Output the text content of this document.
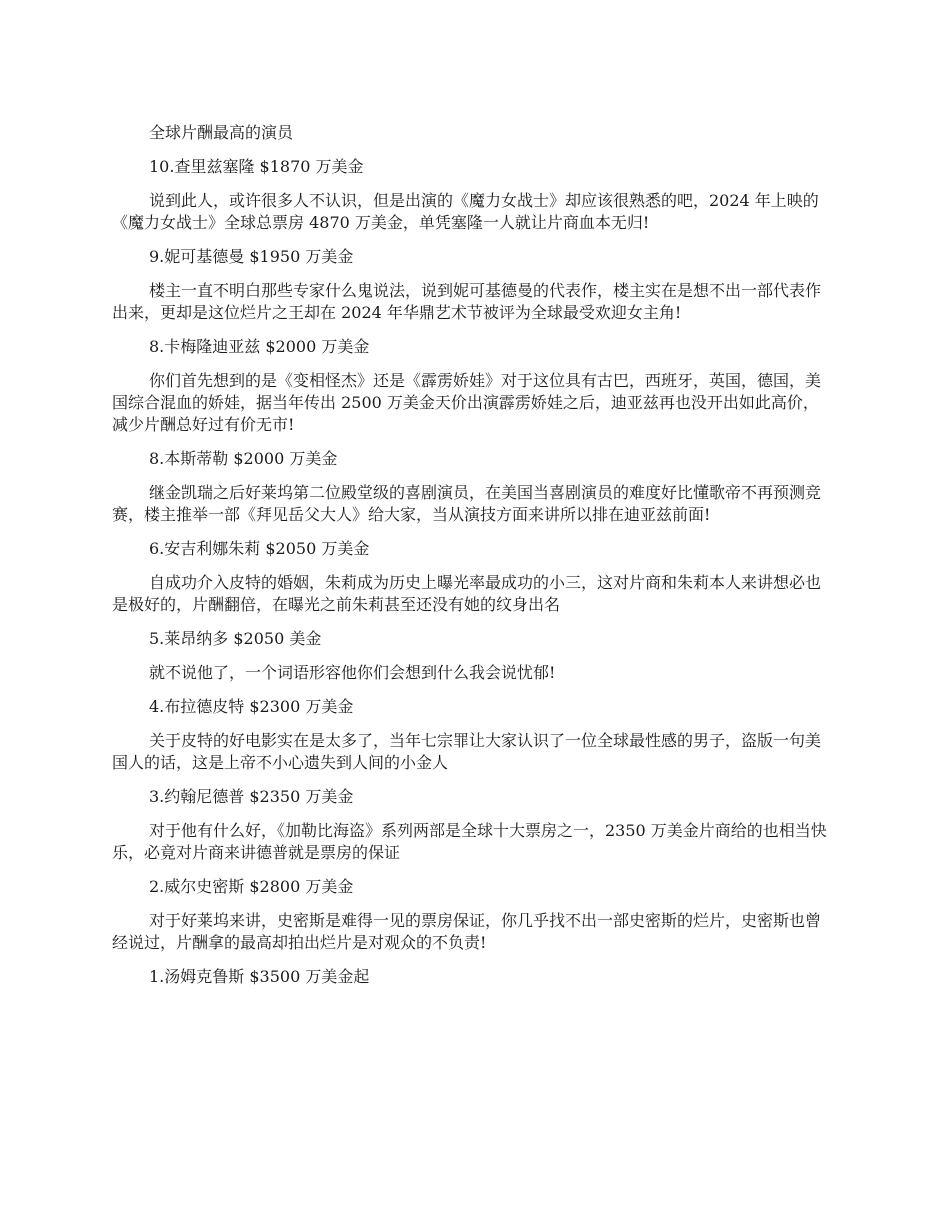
全球片酬最高的演员

10.查里兹塞隆 $1870 万美金

说到此人，或许很多人不认识，但是出演的《魔力女战士》却应该很熟悉的吧，2024 年上映的《魔力女战士》全球总票房 4870 万美金，单凭塞隆一人就让片商血本无归!

9.妮可基德曼 $1950 万美金

楼主一直不明白那些专家什么鬼说法，说到妮可基德曼的代表作，楼主实在是想不出一部代表作出来，更却是这位烂片之王却在 2024 年华鼎艺术节被评为全球最受欢迎女主角!

8.卡梅隆迪亚兹 $2000 万美金

你们首先想到的是《变相怪杰》还是《霹雳娇娃》对于这位具有古巴，西班牙，英国，德国，美国综合混血的娇娃，据当年传出 2500 万美金天价出演霹雳娇娃之后，迪亚兹再也没开出如此高价，减少片酬总好过有价无市!

8.本斯蒂勒 $2000 万美金

继金凯瑞之后好莱坞第二位殿堂级的喜剧演员，在美国当喜剧演员的难度好比懂歌帝不再预测竞赛，楼主推举一部《拜见岳父大人》给大家，当从演技方面来讲所以排在迪亚兹前面!

6.安吉利娜朱莉 $2050 万美金

自成功介入皮特的婚姻，朱莉成为历史上曝光率最成功的小三，这对片商和朱莉本人来讲想必也是极好的，片酬翻倍，在曝光之前朱莉甚至还没有她的纹身出名

5.莱昂纳多 $2050 美金

就不说他了，一个词语形容他你们会想到什么我会说忧郁!

4.布拉德皮特 $2300 万美金

关于皮特的好电影实在是太多了，当年七宗罪让大家认识了一位全球最性感的男子，盗版一句美国人的话，这是上帝不小心遗失到人间的小金人

3.约翰尼德普 $2350 万美金

对于他有什么好，《加勒比海盗》系列两部是全球十大票房之一，2350 万美金片商给的也相当快乐，必竟对片商来讲德普就是票房的保证

2.威尔史密斯 $2800 万美金

对于好莱坞来讲，史密斯是难得一见的票房保证，你几乎找不出一部史密斯的烂片，史密斯也曾经说过，片酬拿的最高却拍出烂片是对观众的不负责!

1.汤姆克鲁斯 $3500 万美金起
